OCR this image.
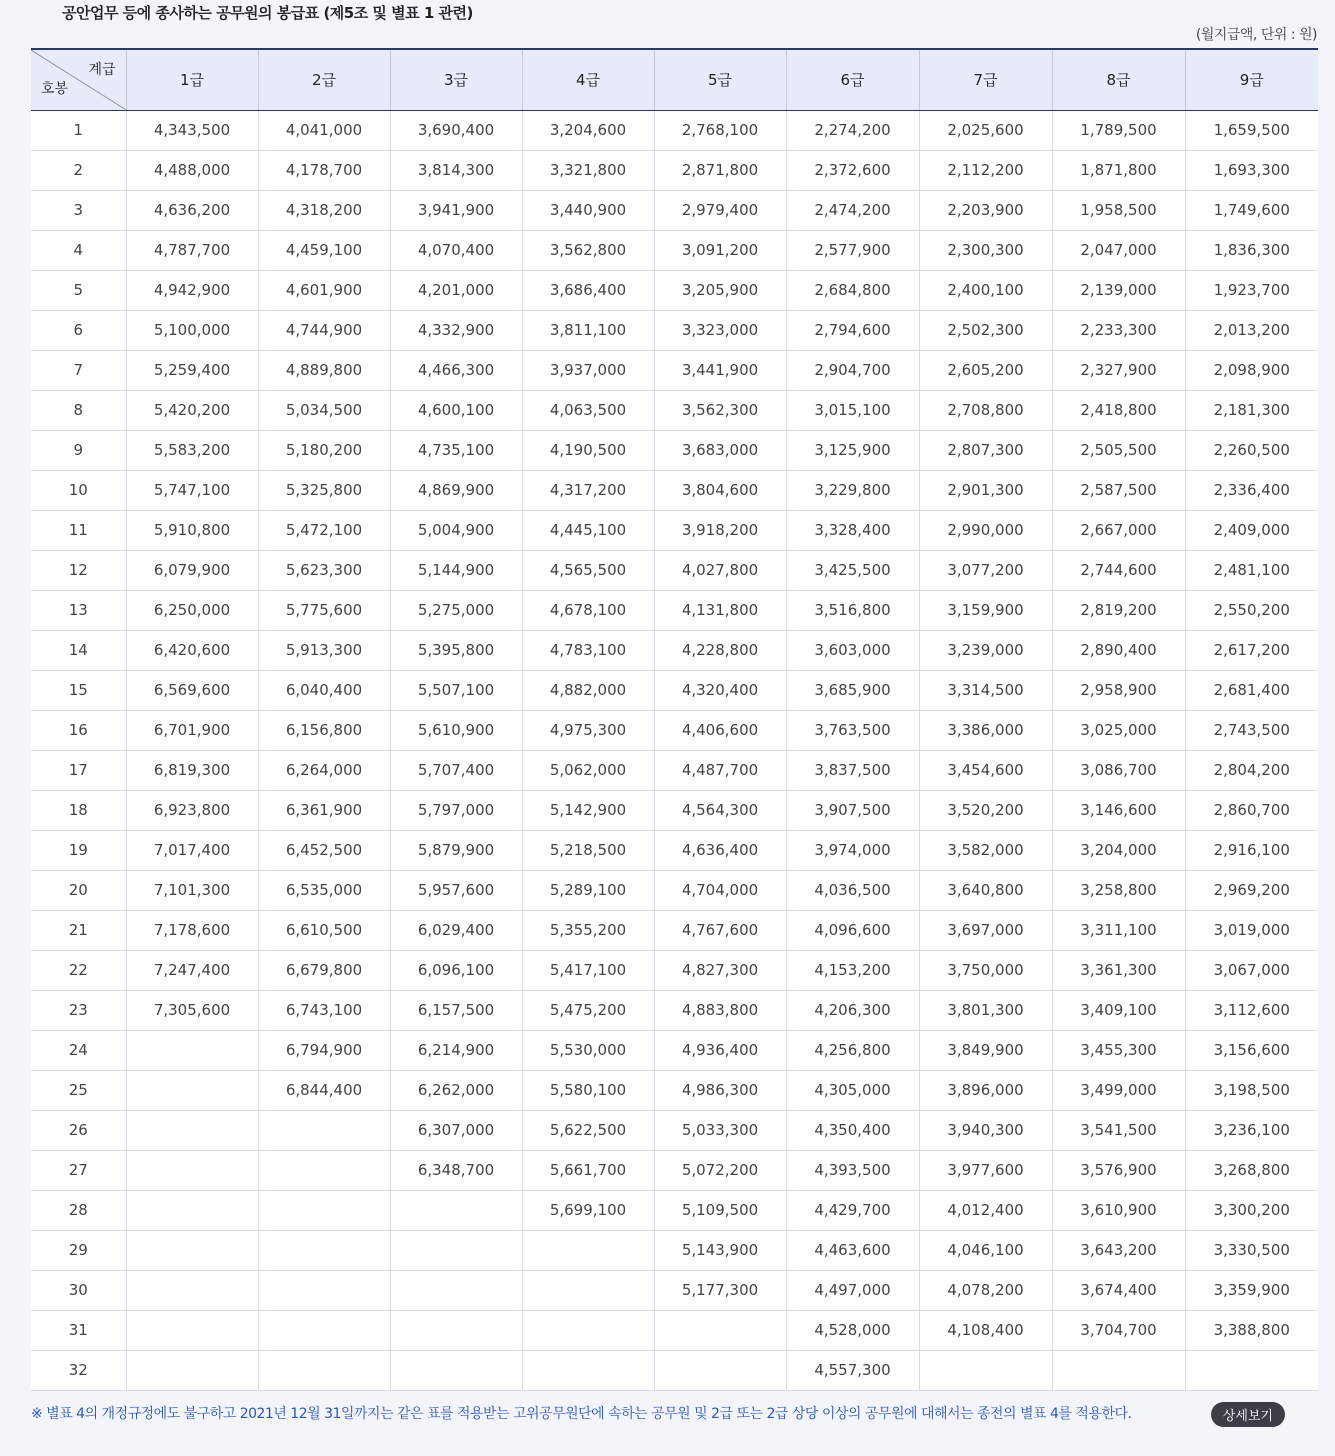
공안업무 등에 종사하는 공무원의 봉급표 (제5조 및 별표 1 관련)
(월지급액, 단위 : 원)
계급
호봉	1급	2급	3급	4급	5급	6급	7급	8급	9급
1	4,343,500	4,041,000	3,690,400	3,204,600	2,768,100	2,274,200	2,025,600	1,789,500	1,659,500
2	4,488,000	4,178,700	3,814,300	3,321,800	2,871,800	2,372,600	2,112,200	1,871,800	1,693,300
3	4,636,200	4,318,200	3,941,900	3,440,900	2,979,400	2,474,200	2,203,900	1,958,500	1,749,600
4	4,787,700	4,459,100	4,070,400	3,562,800	3,091,200	2,577,900	2,300,300	2,047,000	1,836,300
5	4,942,900	4,601,900	4,201,000	3,686,400	3,205,900	2,684,800	2,400,100	2,139,000	1,923,700
6	5,100,000	4,744,900	4,332,900	3,811,100	3,323,000	2,794,600	2,502,300	2,233,300	2,013,200
7	5,259,400	4,889,800	4,466,300	3,937,000	3,441,900	2,904,700	2,605,200	2,327,900	2,098,900
8	5,420,200	5,034,500	4,600,100	4,063,500	3,562,300	3,015,100	2,708,800	2,418,800	2,181,300
9	5,583,200	5,180,200	4,735,100	4,190,500	3,683,000	3,125,900	2,807,300	2,505,500	2,260,500
10	5,747,100	5,325,800	4,869,900	4,317,200	3,804,600	3,229,800	2,901,300	2,587,500	2,336,400
11	5,910,800	5,472,100	5,004,900	4,445,100	3,918,200	3,328,400	2,990,000	2,667,000	2,409,000
12	6,079,900	5,623,300	5,144,900	4,565,500	4,027,800	3,425,500	3,077,200	2,744,600	2,481,100
13	6,250,000	5,775,600	5,275,000	4,678,100	4,131,800	3,516,800	3,159,900	2,819,200	2,550,200
14	6,420,600	5,913,300	5,395,800	4,783,100	4,228,800	3,603,000	3,239,000	2,890,400	2,617,200
15	6,569,600	6,040,400	5,507,100	4,882,000	4,320,400	3,685,900	3,314,500	2,958,900	2,681,400
16	6,701,900	6,156,800	5,610,900	4,975,300	4,406,600	3,763,500	3,386,000	3,025,000	2,743,500
17	6,819,300	6,264,000	5,707,400	5,062,000	4,487,700	3,837,500	3,454,600	3,086,700	2,804,200
18	6,923,800	6,361,900	5,797,000	5,142,900	4,564,300	3,907,500	3,520,200	3,146,600	2,860,700
19	7,017,400	6,452,500	5,879,900	5,218,500	4,636,400	3,974,000	3,582,000	3,204,000	2,916,100
20	7,101,300	6,535,000	5,957,600	5,289,100	4,704,000	4,036,500	3,640,800	3,258,800	2,969,200
21	7,178,600	6,610,500	6,029,400	5,355,200	4,767,600	4,096,600	3,697,000	3,311,100	3,019,000
22	7,247,400	6,679,800	6,096,100	5,417,100	4,827,300	4,153,200	3,750,000	3,361,300	3,067,000
23	7,305,600	6,743,100	6,157,500	5,475,200	4,883,800	4,206,300	3,801,300	3,409,100	3,112,600
24		6,794,900	6,214,900	5,530,000	4,936,400	4,256,800	3,849,900	3,455,300	3,156,600
25		6,844,400	6,262,000	5,580,100	4,986,300	4,305,000	3,896,000	3,499,000	3,198,500
26			6,307,000	5,622,500	5,033,300	4,350,400	3,940,300	3,541,500	3,236,100
27			6,348,700	5,661,700	5,072,200	4,393,500	3,977,600	3,576,900	3,268,800
28				5,699,100	5,109,500	4,429,700	4,012,400	3,610,900	3,300,200
29					5,143,900	4,463,600	4,046,100	3,643,200	3,330,500
30					5,177,300	4,497,000	4,078,200	3,674,400	3,359,900
31						4,528,000	4,108,400	3,704,700	3,388,800
32						4,557,300			
※ 별표 4의 개정규정에도 불구하고 2021년 12월 31일까지는 같은 표를 적용받는 고위공무원단에 속하는 공무원 및 2급 또는 2급 상당 이상의 공무원에 대해서는 종전의 별표 4를 적용한다.	상세보기
